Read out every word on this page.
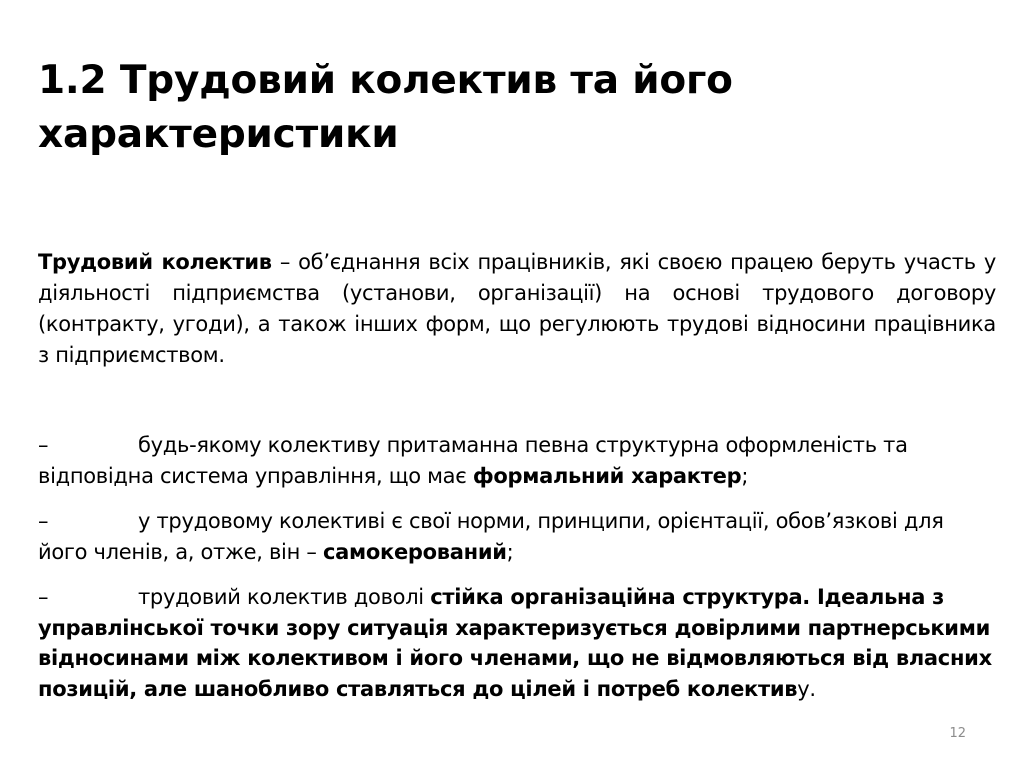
1.2 Трудовий колектив та його характеристики

Трудовий колектив – об’єднання всіх працівників, які своєю працею беруть участь у діяльності підприємства (установи, організації) на основі трудового договору (контракту, угоди), а також інших форм, що регулюють трудові відносини працівника з підприємством.

–	будь-якому колективу притаманна певна структурна оформленість та відповідна система управління, що має формальний характер;

–	у трудовому колективі є свої норми, принципи, орієнтації, обов’язкові для його членів, а, отже, він – самокерований;

–	трудовий колектив доволі стійка організаційна структура. Ідеальна з управлінської точки зору ситуація характеризується довірлими партнерськими відносинами між колективом і його членами, що не відмовляються від власних позицій, але шанобливо ставляться до цілей і потреб колективу.

12
